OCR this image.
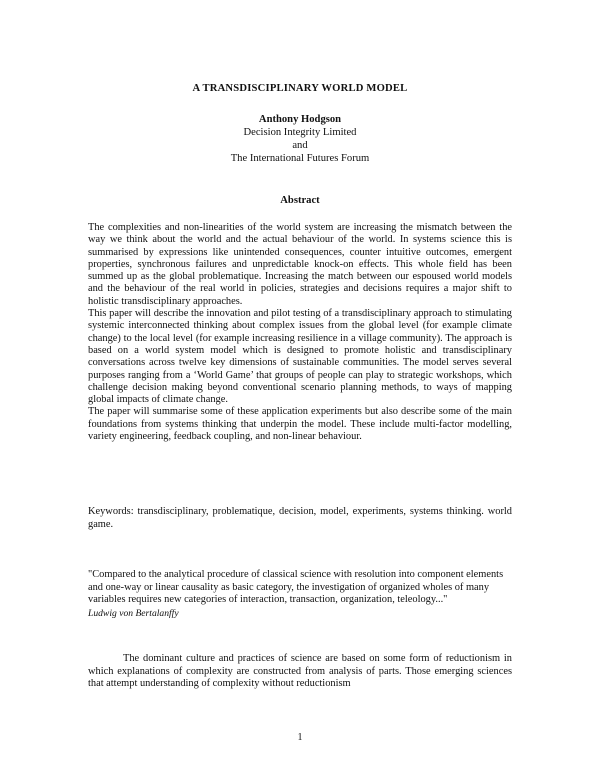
A TRANSDISCIPLINARY WORLD MODEL
Anthony Hodgson
Decision Integrity Limited
and
The International Futures Forum
Abstract

The complexities and non-linearities of the world system are increasing the mismatch between the way we think about the world and the actual behaviour of the world. In systems science this is summarised by expressions like unintended consequences, counter intuitive outcomes, emergent properties, synchronous failures and unpredictable knock-on effects. This whole field has been summed up as the global problematique. Increasing the match between our espoused world models and the behaviour of the real world in policies, strategies and decisions requires a major shift to holistic transdisciplinary approaches.

This paper will describe the innovation and pilot testing of a transdisciplinary approach to stimulating systemic interconnected thinking about complex issues from the global level (for example climate change) to the local level (for example increasing resilience in a village community). The approach is based on a world system model which is designed to promote holistic and transdisciplinary conversations across twelve key dimensions of sustainable communities. The model serves several purposes ranging from a ‘World Game’ that groups of people can play to strategic workshops, which challenge decision making beyond conventional scenario planning methods, to ways of mapping global impacts of climate change.

The paper will summarise some of these application experiments but also describe some of the main foundations from systems thinking that underpin the model. These include multi-factor modelling, variety engineering, feedback coupling, and non-linear behaviour.

Keywords: transdisciplinary, problematique, decision, model, experiments, systems thinking. world game.
"Compared to the analytical procedure of classical science with resolution into component elements and one-way or linear causality as basic category, the investigation of organized wholes of many variables requires new categories of interaction, transaction, organization, teleology..."
Ludwig von Bertalanffy

The dominant culture and practices of science are based on some form of reductionism in which explanations of complexity are constructed from analysis of parts. Those emerging sciences that attempt understanding of complexity without reductionism

1
